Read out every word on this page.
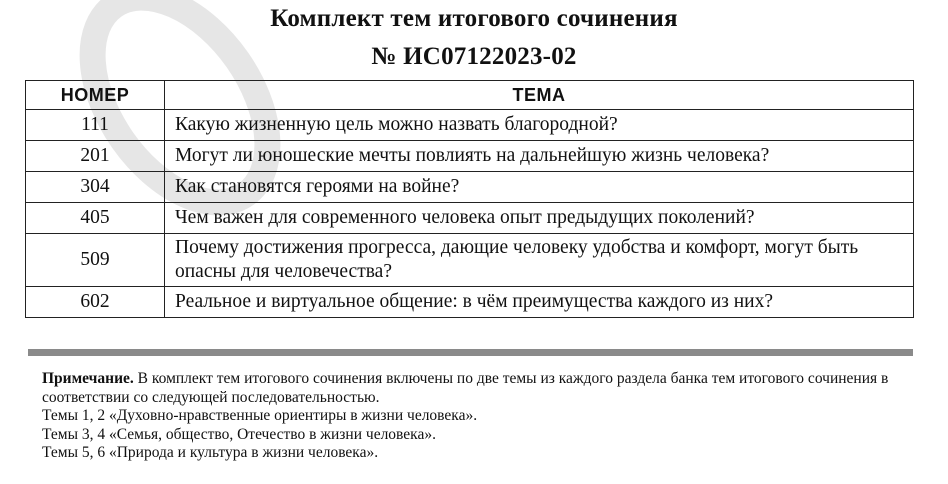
Комплект тем итогового сочинения
№ ИС07122023-02
НОМЕР	ТЕМА
111	Какую жизненную цель можно назвать благородной?
201	Могут ли юношеские мечты повлиять на дальнейшую жизнь человека?
304	Как становятся героями на войне?
405	Чем важен для современного человека опыт предыдущих поколений?
509	Почему достижения прогресса, дающие человеку удобства и комфорт, могут быть опасны для человечества?
602	Реальное и виртуальное общение: в чём преимущества каждого из них?

Примечание. В комплект тем итогового сочинения включены по две темы из каждого раздела банка тем итогового сочинения в соответствии со следующей последовательностью.

Темы 1, 2 «Духовно-нравственные ориентиры в жизни человека».

Темы 3, 4 «Семья, общество, Отечество в жизни человека».

Темы 5, 6 «Природа и культура в жизни человека».
